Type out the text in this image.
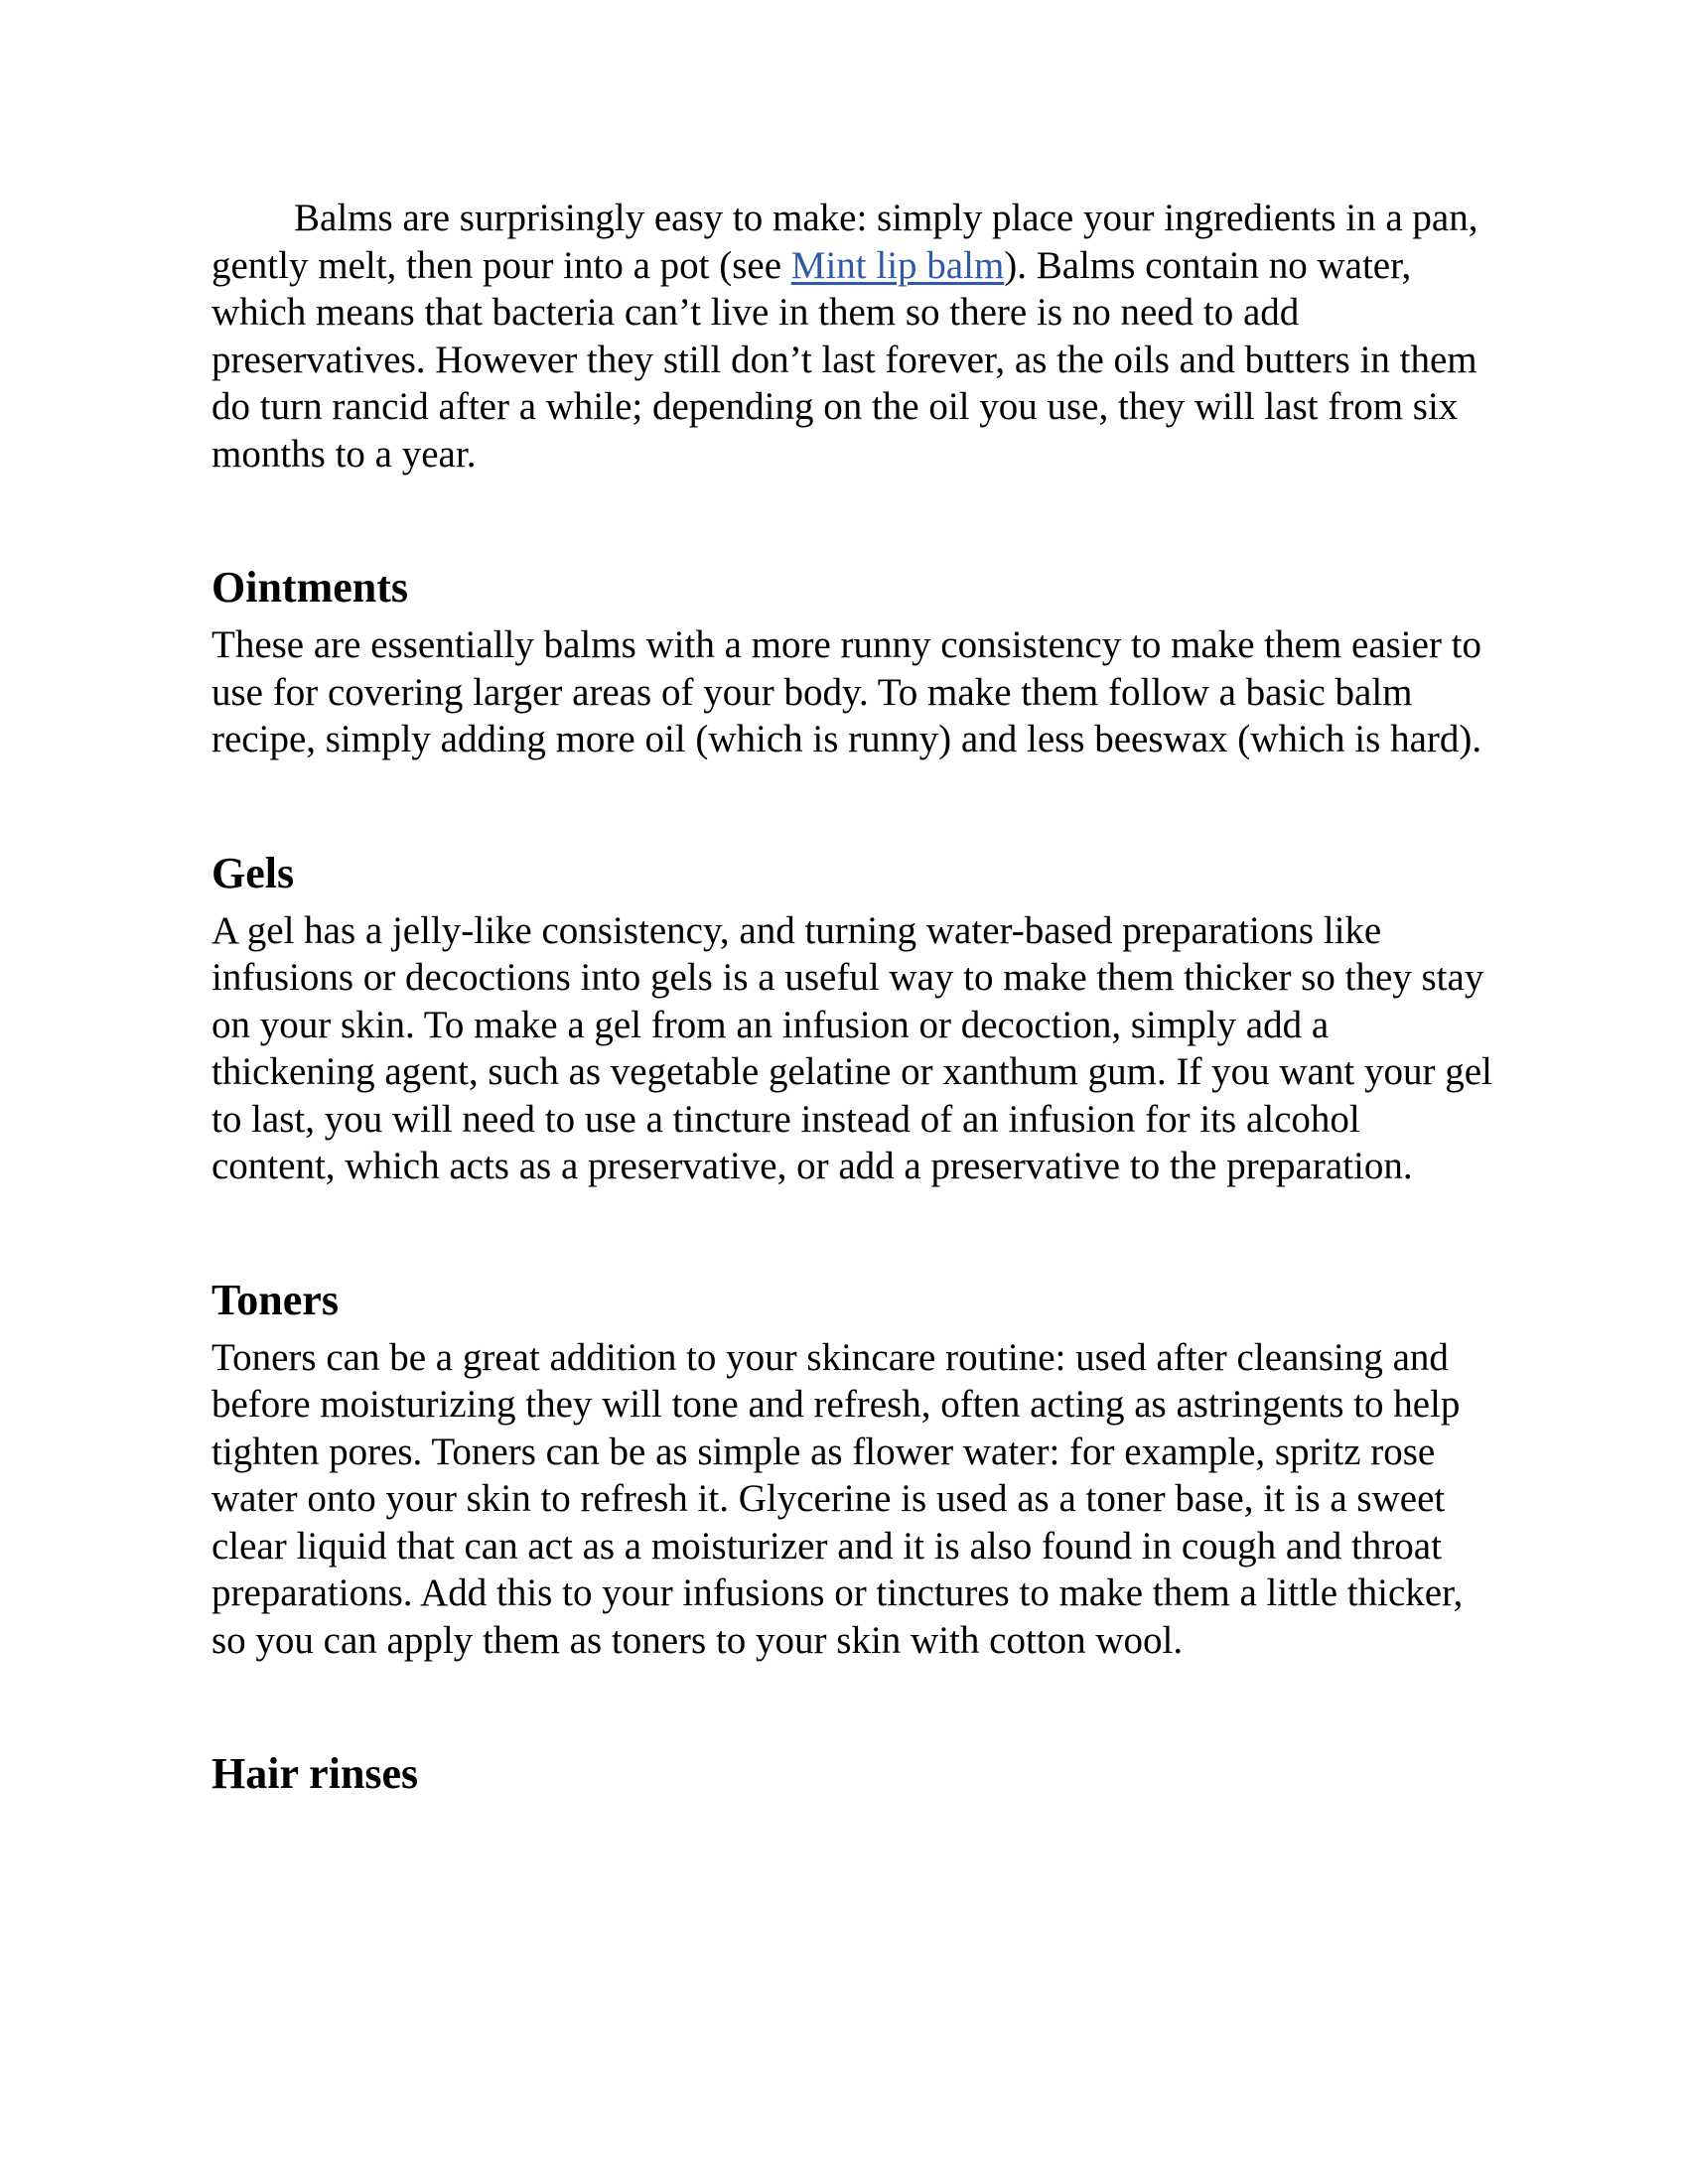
Balms are surprisingly easy to make: simply place your ingredients in a pan, gently melt, then pour into a pot (see Mint lip balm). Balms contain no water, which means that bacteria can’t live in them so there is no need to add preservatives. However they still don’t last forever, as the oils and butters in them do turn rancid after a while; depending on the oil you use, they will last from six months to a year.

Ointments

These are essentially balms with a more runny consistency to make them easier to use for covering larger areas of your body. To make them follow a basic balm recipe, simply adding more oil (which is runny) and less beeswax (which is hard).

Gels

A gel has a jelly-like consistency, and turning water-based preparations like infusions or decoctions into gels is a useful way to make them thicker so they stay on your skin. To make a gel from an infusion or decoction, simply add a thickening agent, such as vegetable gelatine or xanthum gum. If you want your gel to last, you will need to use a tincture instead of an infusion for its alcohol content, which acts as a preservative, or add a preservative to the preparation.

Toners

Toners can be a great addition to your skincare routine: used after cleansing and before moisturizing they will tone and refresh, often acting as astringents to help tighten pores. Toners can be as simple as flower water: for example, spritz rose water onto your skin to refresh it. Glycerine is used as a toner base, it is a sweet clear liquid that can act as a moisturizer and it is also found in cough and throat preparations. Add this to your infusions or tinctures to make them a little thicker, so you can apply them as toners to your skin with cotton wool.

Hair rinses
